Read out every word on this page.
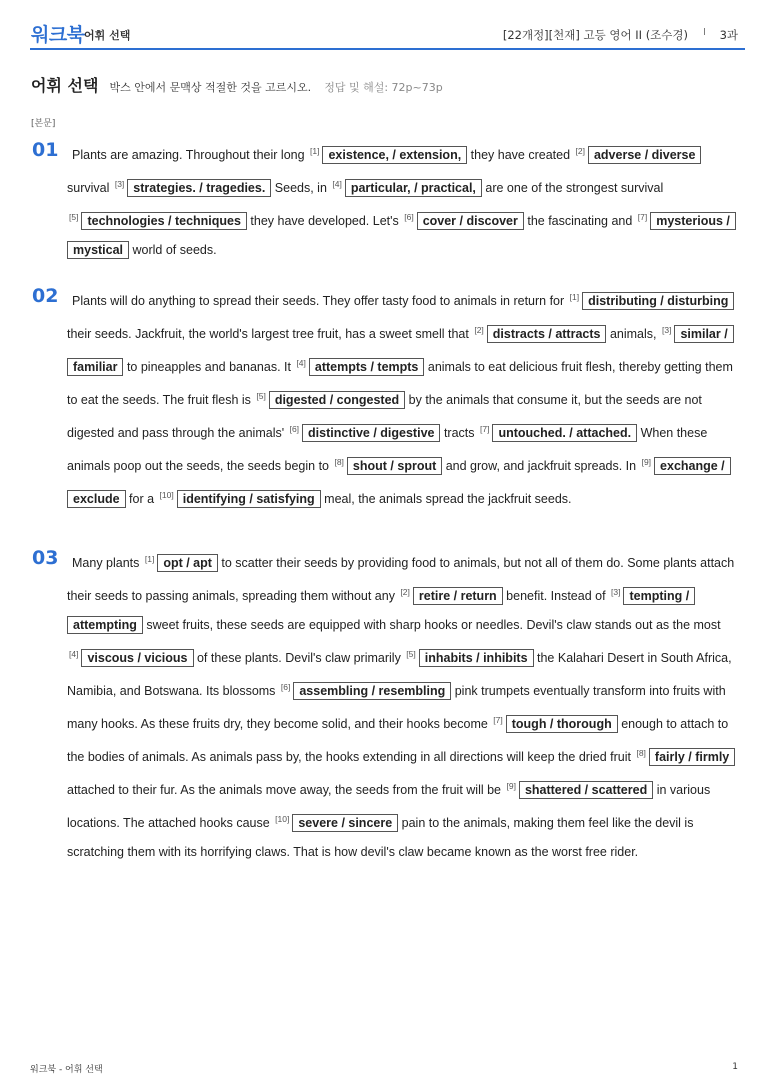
워크북 어휘 선택	[22개정][천재] 고등 영어 II (조수경) I 3과
어휘 선택 박스 안에서 문맥상 적절한 것을 고르시오. 정답 및 해설: 72p~73p
[본문]
01	Plants are amazing. Throughout their long [1] existence, / extension, they have created [2] adverse / diverse survival [3] strategies. / tragedies. Seeds, in [4] particular, / practical, are one of the strongest survival [5] technologies / techniques they have developed. Let's [6] cover / discover the fascinating and [7] mysterious / mystical world of seeds.
02	Plants will do anything to spread their seeds. They offer tasty food to animals in return for [1] distributing / disturbing their seeds. Jackfruit, the world's largest tree fruit, has a sweet smell that [2] distracts / attracts animals, [3] similar / familiar to pineapples and bananas. It [4] attempts / tempts animals to eat delicious fruit flesh, thereby getting them to eat the seeds. The fruit flesh is [5] digested / congested by the animals that consume it, but the seeds are not digested and pass through the animals' [6] distinctive / digestive tracts [7] untouched. / attached. When these animals poop out the seeds, the seeds begin to [8] shout / sprout and grow, and jackfruit spreads. In [9] exchange / exclude for a [10] identifying / satisfying meal, the animals spread the jackfruit seeds.
03	Many plants [1] opt / apt to scatter their seeds by providing food to animals, but not all of them do. Some plants attach their seeds to passing animals, spreading them without any [2] retire / return benefit. Instead of [3] tempting / attempting sweet fruits, these seeds are equipped with sharp hooks or needles. Devil's claw stands out as the most [4] viscous / vicious of these plants. Devil's claw primarily [5] inhabits / inhibits the Kalahari Desert in South Africa, Namibia, and Botswana. Its blossoms [6] assembling / resembling pink trumpets eventually transform into fruits with many hooks. As these fruits dry, they become solid, and their hooks become [7] tough / thorough enough to attach to the bodies of animals. As animals pass by, the hooks extending in all directions will keep the dried fruit [8] fairly / firmly attached to their fur. As the animals move away, the seeds from the fruit will be [9] shattered / scattered in various locations. The attached hooks cause [10] severe / sincere pain to the animals, making them feel like the devil is scratching them with its horrifying claws. That is how devil's claw became known as the worst free rider.
워크북 - 어휘 선택	1
